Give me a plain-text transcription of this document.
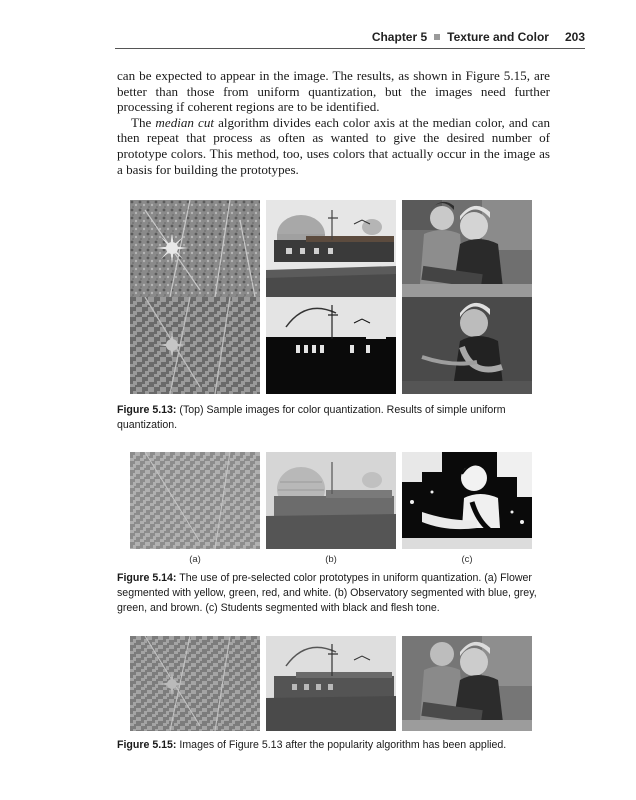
Chapter 5 Texture and Color 203

can be expected to appear in the image. The results, as shown in Figure 5.15, are better than those from uniform quantization, but the images need further processing if coherent regions are to be identified.

The median cut algorithm divides each color axis at the median color, and can then repeat that process as often as wanted to give the desired number of prototype colors. This method, too, uses colors that actually occur in the image as a basis for building the prototypes.

Figure 5.13: (Top) Sample images for color quantization. Results of simple uniform quantization.
(a)	(b)	(c)
Figure 5.14: The use of pre-selected color prototypes in uniform quantization. (a) Flower segmented with yellow, green, red, and white. (b) Observatory segmented with blue, grey, green, and brown. (c) Students segmented with black and flesh tone.
Figure 5.15: Images of Figure 5.13 after the popularity algorithm has been applied.
